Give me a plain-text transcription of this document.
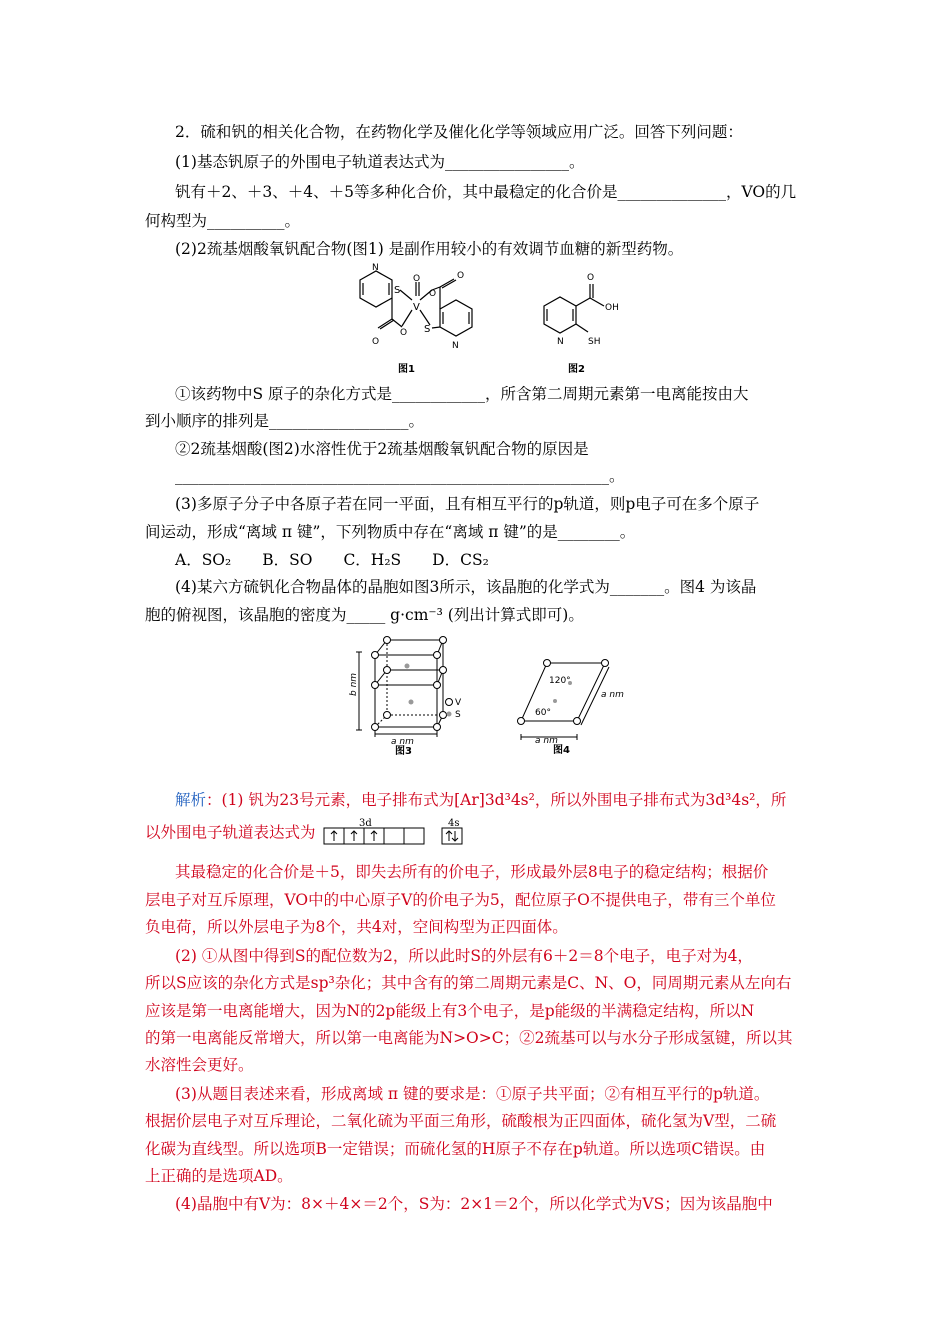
2．硫和钒的相关化合物，在药物化学及催化化学等领域应用广泛。回答下列问题：
(1)基态钒原子的外围电子轨道表达式为________________。
钒有＋2、＋3、＋4、＋5等多种化合价，其中最稳定的化合价是______________，VO的几
何构型为__________。
(2)2巯基烟酸氧钒配合物(图1) 是副作用较小的有效调节血糖的新型药物。
N
S
V
O	O
O
O S
N
O
图1
O
OH
N	SH
图2
①该药物中S 原子的杂化方式是____________，所含第二周期元素第一电离能按由大
到小顺序的排列是__________________。
②2巯基烟酸(图2)水溶性优于2巯基烟酸氧钒配合物的原因是
________________________________________________________。
(3)多原子分子中各原子若在同一平面，且有相互平行的p轨道，则p电子可在多个原子
间运动，形成“离域 π 键”，下列物质中存在“离域 π 键”的是________。
A．SO₂　　B．SO　　C．H₂S　　D．CS₂
(4)某六方硫钒化合物晶体的晶胞如图3所示，该晶胞的化学式为_______。图4 为该晶
胞的俯视图，该晶胞的密度为_____ g·cm⁻³ (列出计算式即可)。
b nm
V
S
a nm
图3
120°
60°
a nm
a nm
图4
解析：(1) 钒为23号元素，电子排布式为[Ar]3d³4s²，所以外围电子排布式为3d³4s²，所
以外围电子轨道表达式为	3d	4s
其最稳定的化合价是＋5，即失去所有的价电子，形成最外层8电子的稳定结构；根据价
层电子对互斥原理，VO中的中心原子V的价电子为5，配位原子O不提供电子，带有三个单位
负电荷，所以外层电子为8个，共4对，空间构型为正四面体。
(2) ①从图中得到S的配位数为2，所以此时S的外层有6＋2＝8个电子，电子对为4，
所以S应该的杂化方式是sp³杂化；其中含有的第二周期元素是C、N、O，同周期元素从左向右
应该是第一电离能增大，因为N的2p能级上有3个电子，是p能级的半满稳定结构，所以N
的第一电离能反常增大，所以第一电离能为N>O>C；②2巯基可以与水分子形成氢键，所以其
水溶性会更好。
(3)从题目表述来看，形成离域 π 键的要求是：①原子共平面；②有相互平行的p轨道。
根据价层电子对互斥理论，二氧化硫为平面三角形，硫酸根为正四面体，硫化氢为V型，二硫
化碳为直线型。所以选项B一定错误；而硫化氢的H原子不存在p轨道。所以选项C错误。由
上正确的是选项AD。
(4)晶胞中有V为：8×＋4×＝2个，S为：2×1＝2个，所以化学式为VS；因为该晶胞中
